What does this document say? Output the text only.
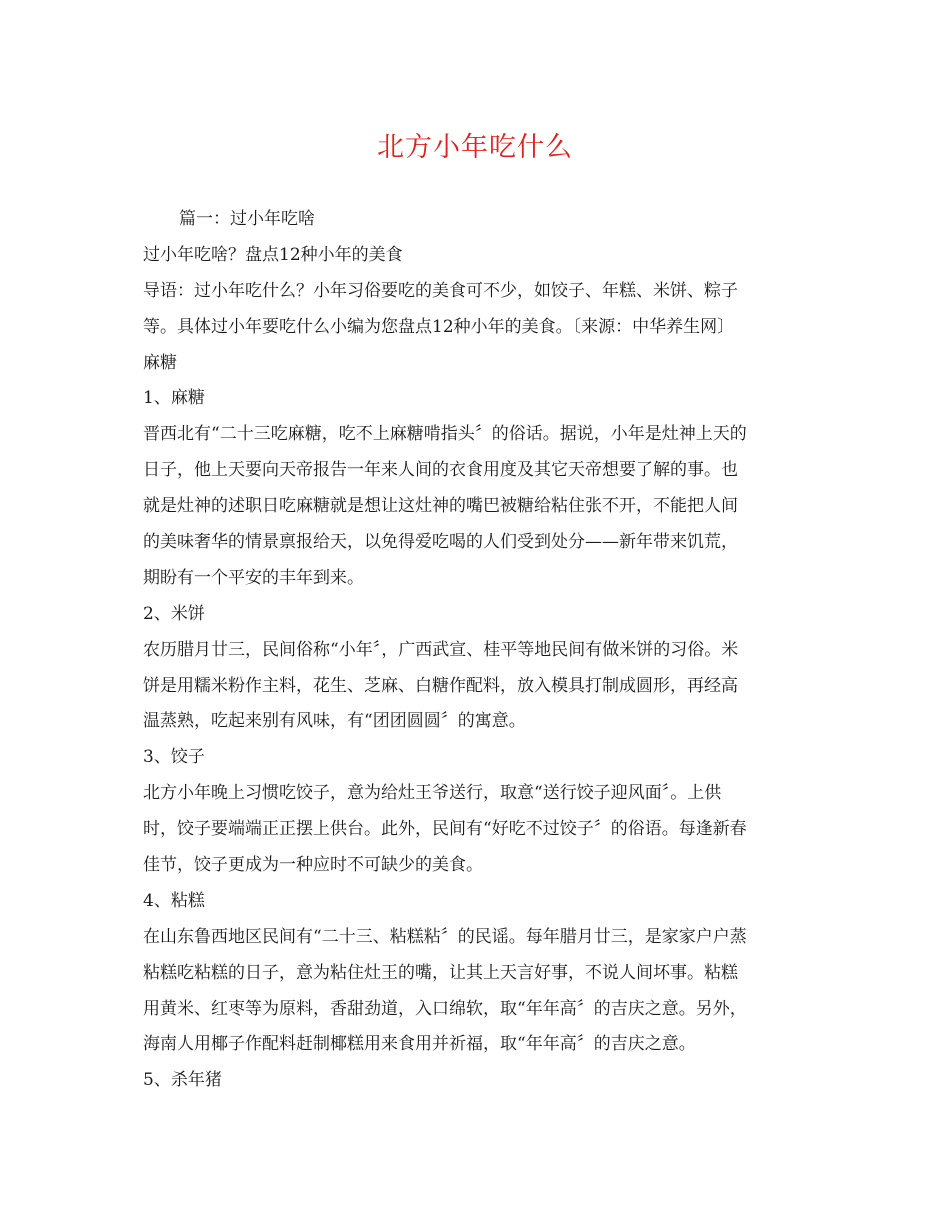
北方小年吃什么
篇一：过小年吃啥
过小年吃啥？盘点12种小年的美食
导语：过小年吃什么？小年习俗要吃的美食可不少，如饺子、年糕、米饼、粽子
等。具体过小年要吃什么小编为您盘点12种小年的美食。〔来源：中华养生网〕
麻糖
1、麻糖
晋西北有“二十三吃麻糖，吃不上麻糖啃指头〞的俗话。据说，小年是灶神上天的
日子，他上天要向天帝报告一年来人间的衣食用度及其它天帝想要了解的事。也
就是灶神的述职日吃麻糖就是想让这灶神的嘴巴被糖给粘住张不开，不能把人间
的美味奢华的情景禀报给天，以免得爱吃喝的人们受到处分——新年带来饥荒，
期盼有一个平安的丰年到来。
2、米饼
农历腊月廿三，民间俗称“小年〞，广西武宣、桂平等地民间有做米饼的习俗。米
饼是用糯米粉作主料，花生、芝麻、白糖作配料，放入模具打制成圆形，再经高
温蒸熟，吃起来别有风味，有“团团圆圆〞的寓意。
3、饺子
北方小年晚上习惯吃饺子，意为给灶王爷送行，取意“送行饺子迎风面〞。上供
时，饺子要端端正正摆上供台。此外，民间有“好吃不过饺子〞的俗语。每逢新春
佳节，饺子更成为一种应时不可缺少的美食。
4、粘糕
在山东鲁西地区民间有“二十三、粘糕粘〞的民谣。每年腊月廿三，是家家户户蒸
粘糕吃粘糕的日子，意为粘住灶王的嘴，让其上天言好事，不说人间坏事。粘糕
用黄米、红枣等为原料，香甜劲道，入口绵软，取“年年高〞的吉庆之意。另外，
海南人用椰子作配料赶制椰糕用来食用并祈福，取“年年高〞的吉庆之意。
5、杀年猪
